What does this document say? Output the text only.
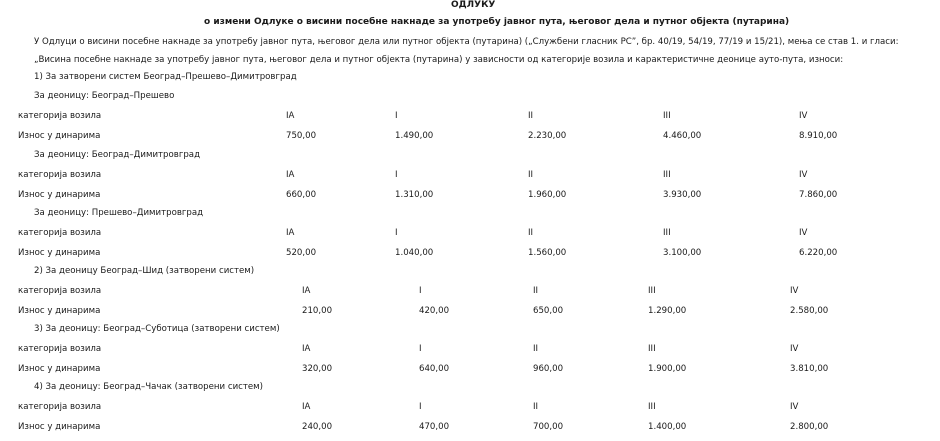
ОДЛУКУ
о измени Одлуке о висини посебне накнаде за употребу јавног пута, његовог дела и путног објекта (путарина)
У Одлуци о висини посебне накнаде за употребу јавног пута, његовог дела или путног објекта (путарина) („Службени гласник РС”, бр. 40/19, 54/19, 77/19 и 15/21), мења се став 1. и гласи:
„Висина посебне накнаде за употребу јавног пута, његовог дела и путног објекта (путарина) у зависности од категорије возила и карактеристичне деонице ауто-пута, износи:
1) За затворени систем Београд–Прешево–Димитровград
За деоницу: Београд–Прешево
категорија возила	IA	I	II	III	IV
Износ у динарима	750,00	1.490,00	2.230,00	4.460,00	8.910,00
За деоницу: Београд–Димитровград
категорија возила	IA	I	II	III	IV
Износ у динарима	660,00	1.310,00	1.960,00	3.930,00	7.860,00
За деоницу: Прешево–Димитровград
категорија возила	IA	I	II	III	IV
Износ у динарима	520,00	1.040,00	1.560,00	3.100,00	6.220,00
2) За деоницу Београд–Шид (затворени систем)
категорија возила	IA	I	II	III	IV
Износ у динарима	210,00	420,00	650,00	1.290,00	2.580,00
3) За деоницу: Београд–Суботица (затворени систем)
категорија возила	IA	I	II	III	IV
Износ у динарима	320,00	640,00	960,00	1.900,00	3.810,00
4) За деоницу: Београд–Чачак (затворени систем)
категорија возила	IA	I	II	III	IV
Износ у динарима	240,00	470,00	700,00	1.400,00	2.800,00
